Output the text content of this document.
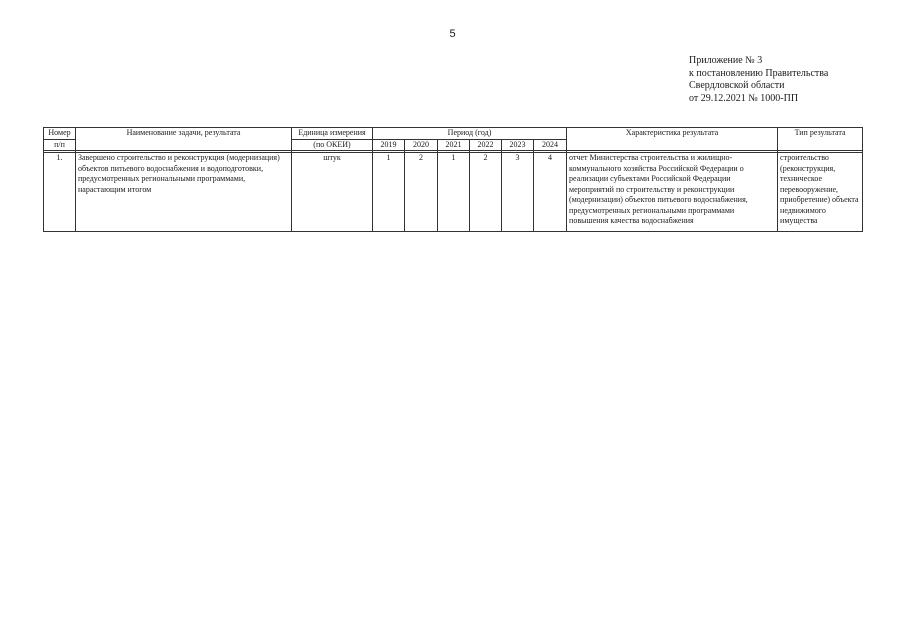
5
Приложение № 3
к постановлению Правительства
Свердловской области
от 29.12.2021 № 1000-ПП
Номер	Наименование задачи, результата	Единица измерения	Период (год)						Характеристика результата	Тип результата
п/п		(по ОКЕИ)	2019	2020	2021	2022	2023	2024		

1.	Завершено строительство и реконструкция (модернизация) объектов питьевого водоснабжения и водоподготовки, предусмотренных региональными программами, нарастающим итогом	штук	1	2	1	2	3	4	отчет Министерства строительства и жилищно-коммунального хозяйства Российской Федерации о реализации субъектами Российской Федерации мероприятий по строительству и реконструкции (модернизации) объектов питьевого водоснабжения, предусмотренных региональными программами повышения качества водоснабжения	строительство (реконструкция, техническое перевооружение, приобретение) объекта недвижимого имущества
